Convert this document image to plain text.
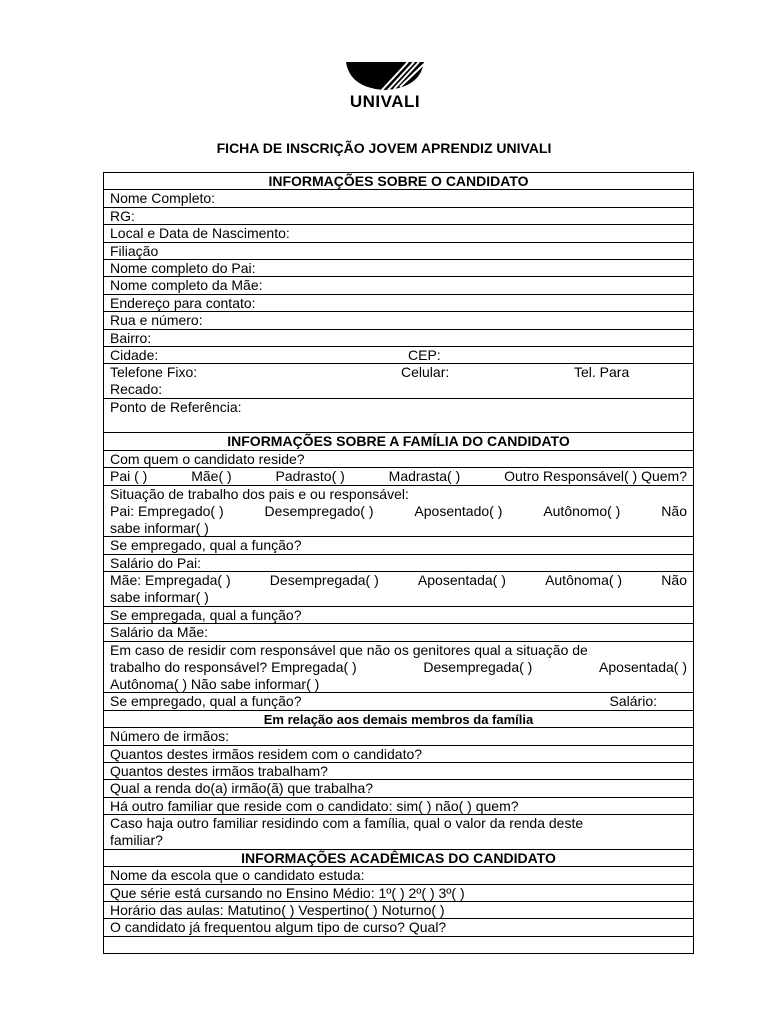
UNIVALI
FICHA DE INSCRIÇÃO JOVEM APRENDIZ UNIVALI
INFORMAÇÕES SOBRE O CANDIDATO
Nome Completo:
RG:
Local e Data de Nascimento:
Filiação
Nome completo do Pai:
Nome completo da Mãe:
Endereço para contato:
Rua e número:
Bairro:
Cidade:	CEP:
Telefone Fixo:	Celular:	Tel. Para
Recado:
Ponto de Referência:
INFORMAÇÕES SOBRE A FAMÍLIA DO CANDIDATO
Com quem o candidato reside?
Pai ( )	Mãe( )	Padrasto( )	Madrasta( )	Outro Responsável( ) Quem?
Situação de trabalho dos pais e ou responsável:
Pai: Empregado( )	Desempregado( )	Aposentado( )	Autônomo( )	Não
sabe informar( )
Se empregado, qual a função?
Salário do Pai:
Mãe: Empregada( )	Desempregada( )	Aposentada( )	Autônoma( )	Não
sabe informar( )
Se empregada, qual a função?
Salário da Mãe:
Em caso de residir com responsável que não os genitores qual a situação de
trabalho do responsável? Empregada( )	Desempregada( )	Aposentada( )
Autônoma( ) Não sabe informar( )
Se empregado, qual a função?	Salário:
Em relação aos demais membros da família
Número de irmãos:
Quantos destes irmãos residem com o candidato?
Quantos destes irmãos trabalham?
Qual a renda do(a) irmão(ã) que trabalha?
Há outro familiar que reside com o candidato: sim( ) não( ) quem?
Caso haja outro familiar residindo com a família, qual o valor da renda deste
familiar?
INFORMAÇÕES ACADÊMICAS DO CANDIDATO
Nome da escola que o candidato estuda:
Que série está cursando no Ensino Médio: 1º( ) 2º( ) 3º( )
Horário das aulas: Matutino( ) Vespertino( ) Noturno( )
O candidato já frequentou algum tipo de curso? Qual?
